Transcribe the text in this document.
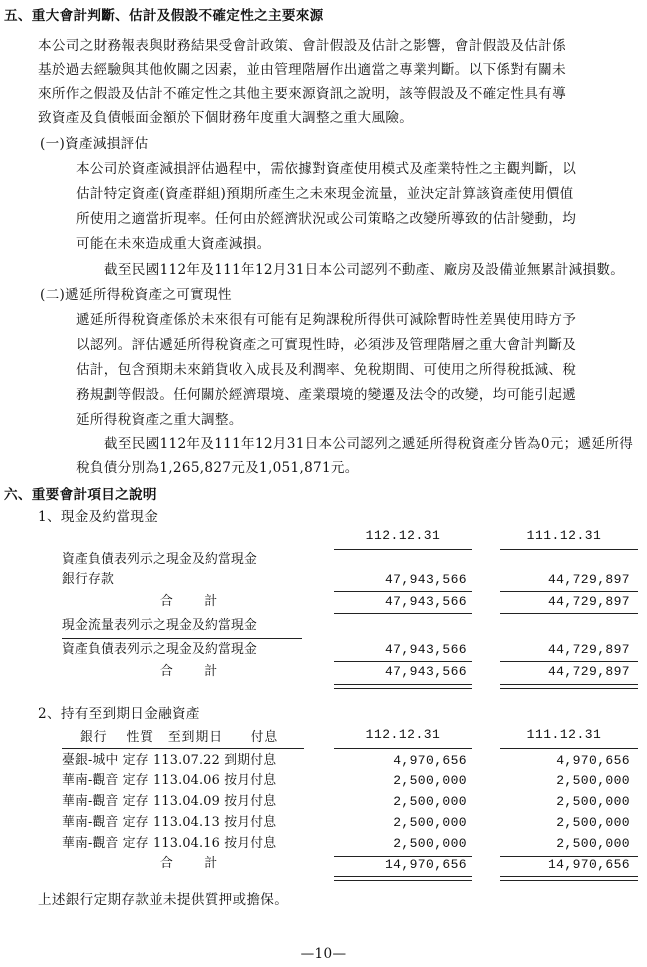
五、重大會計判斷、估計及假設不確定性之主要來源
本公司之財務報表與財務結果受會計政策、會計假設及估計之影響，會計假設及估計係
基於過去經驗與其他攸關之因素，並由管理階層作出適當之專業判斷。以下係對有關未
來所作之假設及估計不確定性之其他主要來源資訊之說明，該等假設及不確定性具有導
致資產及負債帳面金額於下個財務年度重大調整之重大風險。
(一)資產減損評估
本公司於資產減損評估過程中，需依據對資產使用模式及產業特性之主觀判斷，以
估計特定資產(資產群組)預期所產生之未來現金流量，並決定計算該資產使用價值
所使用之適當折現率。任何由於經濟狀況或公司策略之改變所導致的估計變動，均
可能在未來造成重大資產減損。
截至民國112年及111年12月31日本公司認列不動產、廠房及設備並無累計減損數。
(二)遞延所得稅資產之可實現性
遞延所得稅資產係於未來很有可能有足夠課稅所得供可減除暫時性差異使用時方予
以認列。評估遞延所得稅資產之可實現性時，必須涉及管理階層之重大會計判斷及
估計，包含預期未來銷貨收入成長及利潤率、免稅期間、可使用之所得稅抵減、稅
務規劃等假設。任何關於經濟環境、產業環境的變遷及法令的改變，均可能引起遞
延所得稅資產之重大調整。
截至民國112年及111年12月31日本公司認列之遞延所得稅資產分皆為0元；遞延所得
稅負債分別為1,265,827元及1,051,871元。
六、重要會計項目之說明
1、現金及約當現金
112.12.31	111.12.31
資產負債表列示之現金及約當現金
銀行存款	47,943,566	44,729,897
合　　計	47,943,566	44,729,897
現金流量表列示之現金及約當現金
資產負債表列示之現金及約當現金	47,943,566	44,729,897
合　　計	47,943,566	44,729,897
2、持有至到期日金融資產
銀行　 性質　至到期日　　付息	112.12.31	111.12.31
臺銀-城中 定存 113.07.22 到期付息	4,970,656	4,970,656
華南-觀音 定存 113.04.06 按月付息	2,500,000	2,500,000
華南-觀音 定存 113.04.09 按月付息	2,500,000	2,500,000
華南-觀音 定存 113.04.13 按月付息	2,500,000	2,500,000
華南-觀音 定存 113.04.16 按月付息	2,500,000	2,500,000
合　　計	14,970,656	14,970,656
上述銀行定期存款並未提供質押或擔保。
—10—
